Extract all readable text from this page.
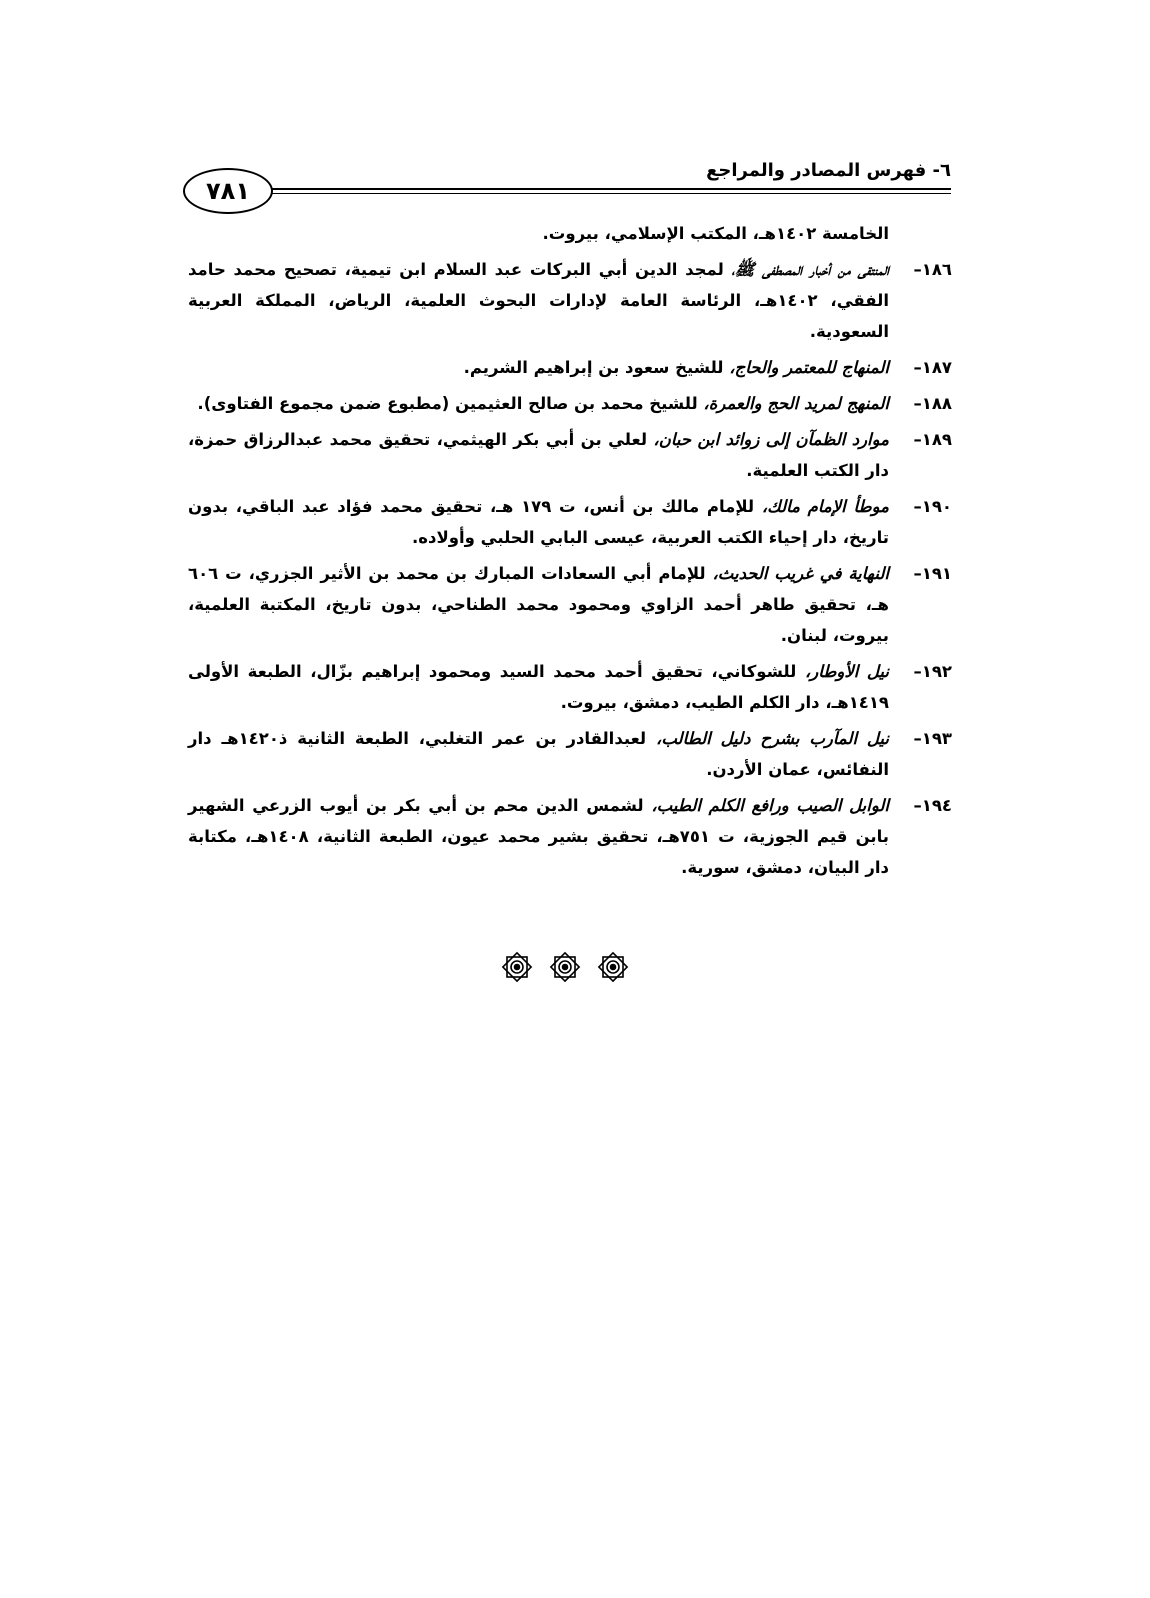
٧٨١
٦- فهرس المصادر والمراجع
الخامسة ١٤٠٢هـ، المكتب الإسلامي، بيروت.
١٨٦–
المنتقى من أخبار المصطفى ﷺ، لمجد الدين أبي البركات عبد السلام ابن تيمية، تصحيح محمد حامد الفقي، ١٤٠٢هـ، الرئاسة العامة لإدارات البحوث العلمية، الرياض، المملكة العربية السعودية.
١٨٧–
المنهاج للمعتمر والحاج، للشيخ سعود بن إبراهيم الشريم.
١٨٨–
المنهج لمريد الحج والعمرة، للشيخ محمد بن صالح العثيمين (مطبوع ضمن مجموع الفتاوى).
١٨٩–
موارد الظمآن إلى زوائد ابن حبان، لعلي بن أبي بكر الهيثمي، تحقيق محمد عبدالرزاق حمزة، دار الكتب العلمية.
١٩٠–
موطأ الإمام مالك، للإمام مالك بن أنس، ت ١٧٩ هـ، تحقيق محمد فؤاد عبد الباقي، بدون تاريخ، دار إحياء الكتب العربية، عيسى البابي الحلبي وأولاده.
١٩١–
النهاية في غريب الحديث، للإمام أبي السعادات المبارك بن محمد بن الأثير الجزري، ت ٦٠٦ هـ، تحقيق طاهر أحمد الزاوي ومحمود محمد الطناحي، بدون تاريخ، المكتبة العلمية، بيروت، لبنان.
١٩٢–
نيل الأوطار، للشوكاني، تحقيق أحمد محمد السيد ومحمود إبراهيم بزّال، الطبعة الأولى ١٤١٩هـ، دار الكلم الطيب، دمشق، بيروت.
١٩٣–
نيل المآرب بشرح دليل الطالب، لعبدالقادر بن عمر التغلبي، الطبعة الثانية ذ١٤٢٠هـ دار النفائس، عمان الأردن.
١٩٤–
الوابل الصيب ورافع الكلم الطيب، لشمس الدين محم بن أبي بكر بن أيوب الزرعي الشهير بابن قيم الجوزية، ت ٧٥١هـ، تحقيق بشير محمد عيون، الطبعة الثانية، ١٤٠٨هـ، مكتابة دار البيان، دمشق، سورية.
